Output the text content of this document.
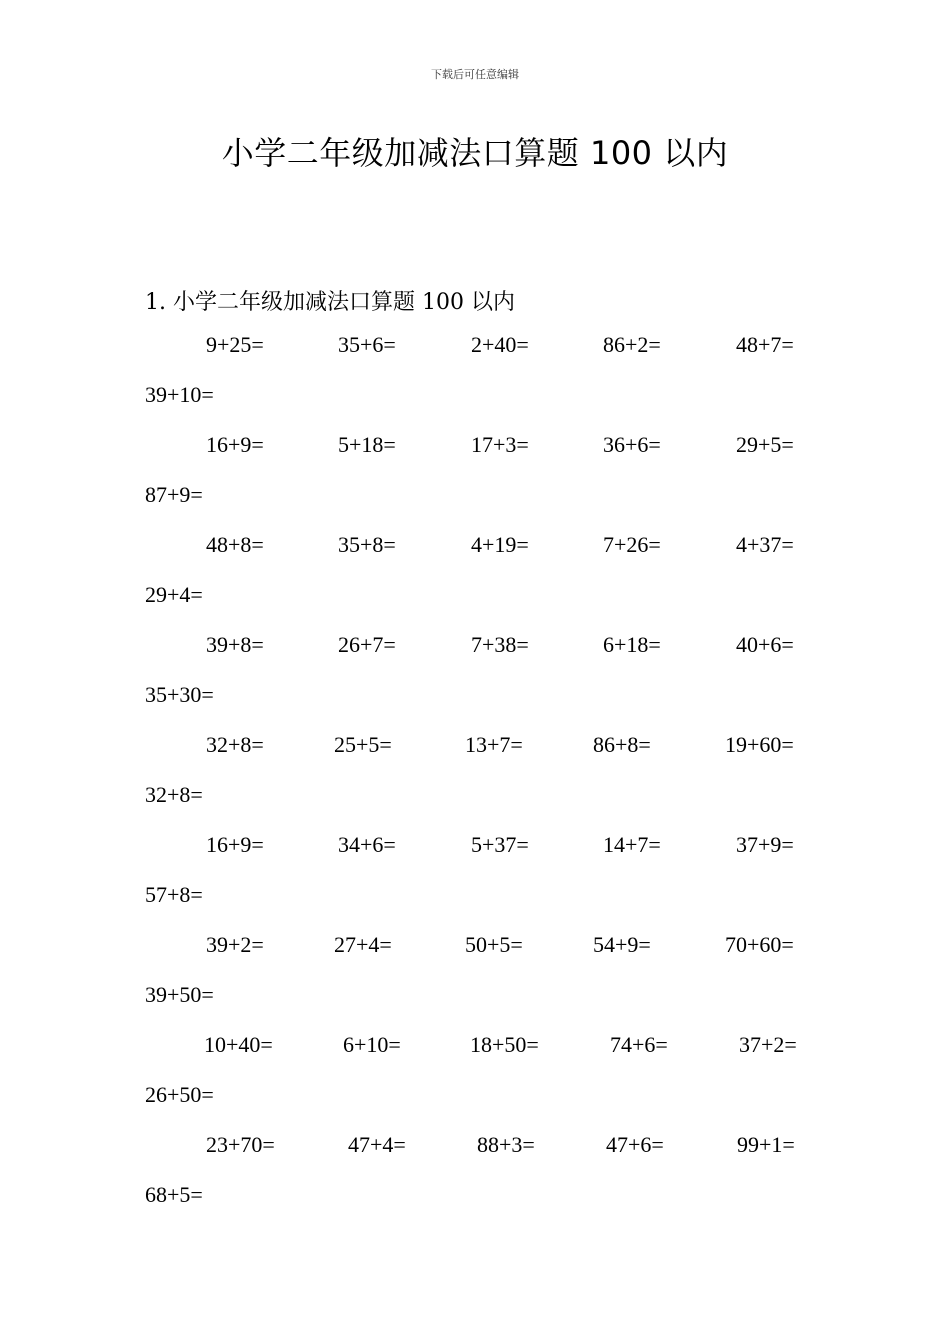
下载后可任意编辑
小学二年级加减法口算题 100 以内
1. 小学二年级加减法口算题 100 以内
9+25=	35+6=	2+40=	86+2=	48+7=
39+10=
16+9=	5+18=	17+3=	36+6=	29+5=
87+9=
48+8=	35+8=	4+19=	7+26=	4+37=
29+4=
39+8=	26+7=	7+38=	6+18=	40+6=
35+30=
32+8=	25+5=	13+7=	86+8=	19+60=
32+8=
16+9=	34+6=	5+37=	14+7=	37+9=
57+8=
39+2=	27+4=	50+5=	54+9=	70+60=
39+50=
10+40=	6+10=	18+50=	74+6=	37+2=
26+50=
23+70=	47+4=	88+3=	47+6=	99+1=
68+5=
